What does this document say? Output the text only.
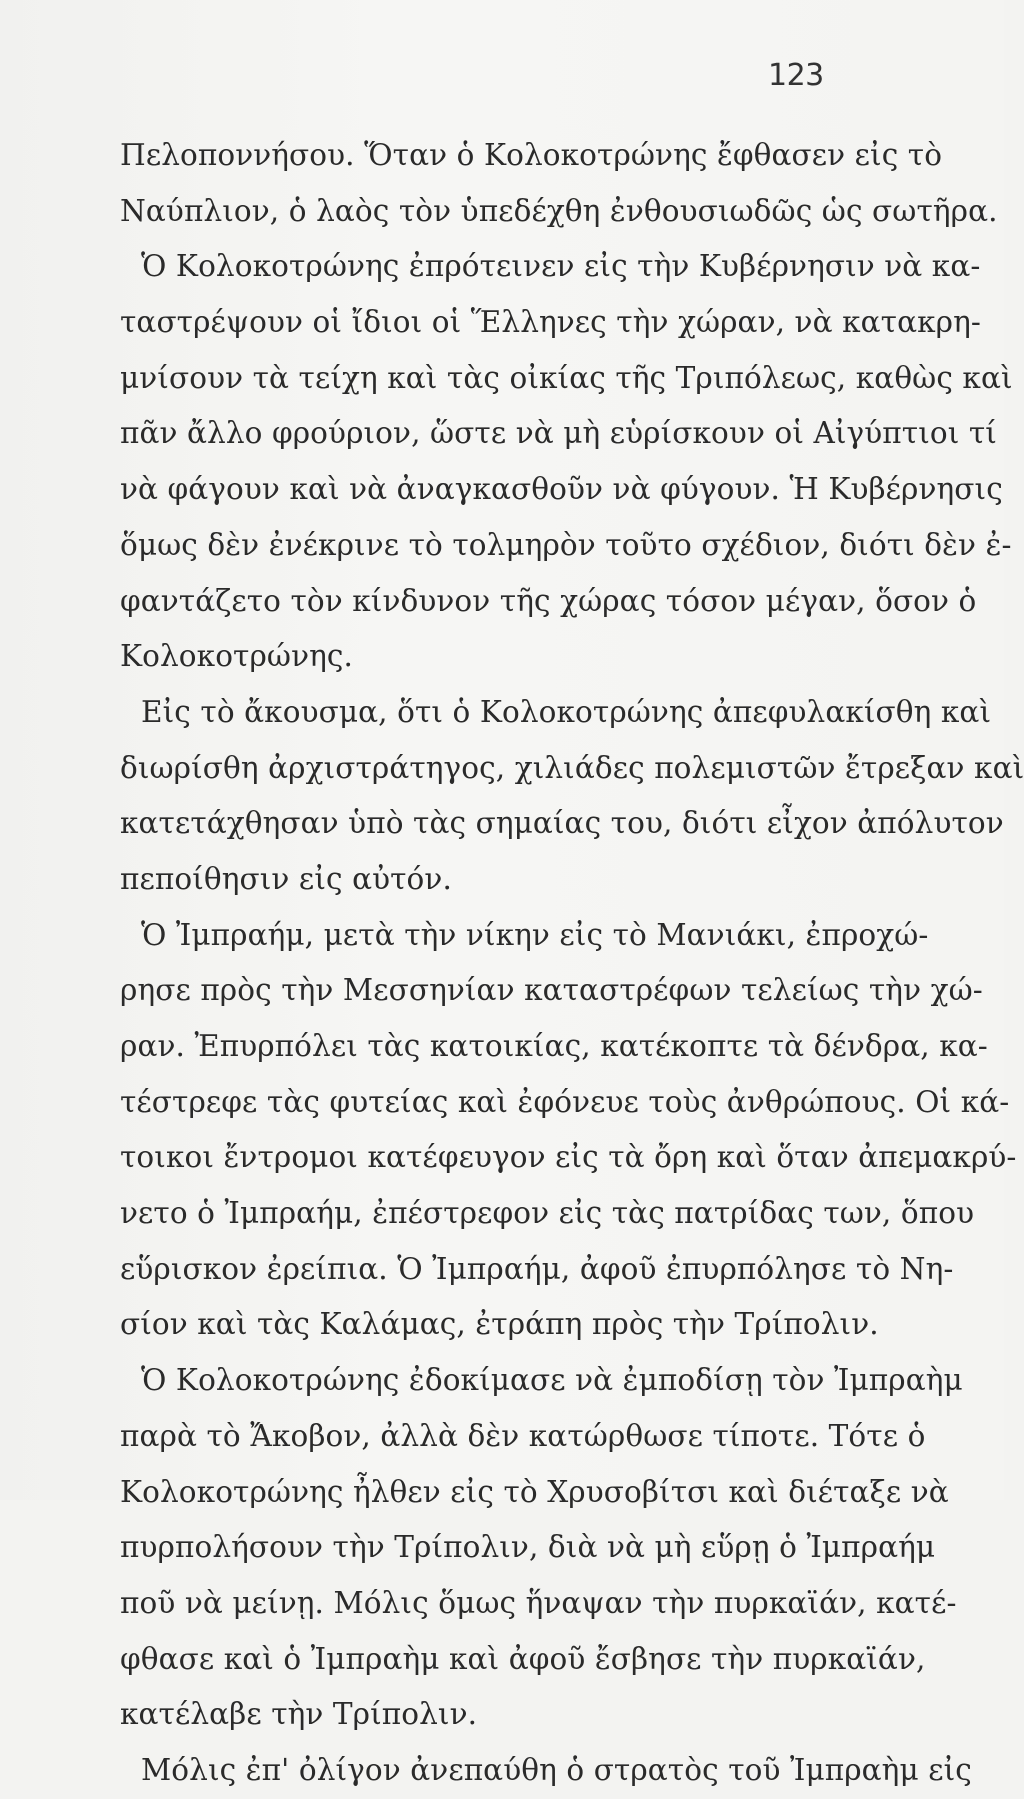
123
Πελοποννήσου. Ὅταν ὁ Κολοκοτρώνης ἔφθασεν εἰς τὸ
Ναύπλιον, ὁ λαὸς τὸν ὑπεδέχθη ἐνθουσιωδῶς ὡς σωτῆρα.
Ὁ Κολοκοτρώνης ἐπρότεινεν εἰς τὴν Κυβέρνησιν νὰ κα-
ταστρέψουν οἱ ἴδιοι οἱ Ἕλληνες τὴν χώραν, νὰ κατακρη-
μνίσουν τὰ τείχη καὶ τὰς οἰκίας τῆς Τριπόλεως, καθὼς καὶ
πᾶν ἄλλο φρούριον, ὥστε νὰ μὴ εὑρίσκουν οἱ Αἰγύπτιοι τί
νὰ φάγουν καὶ νὰ ἀναγκασθοῦν νὰ φύγουν. Ἡ Κυβέρνησις
ὅμως δὲν ἐνέκρινε τὸ τολμηρὸν τοῦτο σχέδιον, διότι δὲν ἐ-
φαντάζετο τὸν κίνδυνον τῆς χώρας τόσον μέγαν, ὅσον ὁ
Κολοκοτρώνης.
Εἰς τὸ ἄκουσμα, ὅτι ὁ Κολοκοτρώνης ἀπεφυλακίσθη καὶ
διωρίσθη ἀρχιστράτηγος, χιλιάδες πολεμιστῶν ἔτρεξαν καὶ
κατετάχθησαν ὑπὸ τὰς σημαίας του, διότι εἶχον ἀπόλυτον
πεποίθησιν εἰς αὐτόν.
Ὁ Ἰμπραήμ, μετὰ τὴν νίκην εἰς τὸ Μανιάκι, ἐπροχώ-
ρησε πρὸς τὴν Μεσσηνίαν καταστρέφων τελείως τὴν χώ-
ραν. Ἐπυρπόλει τὰς κατοικίας, κατέκοπτε τὰ δένδρα, κα-
τέστρεφε τὰς φυτείας καὶ ἐφόνευε τοὺς ἀνθρώπους. Οἱ κά-
τοικοι ἔντρομοι κατέφευγον εἰς τὰ ὄρη καὶ ὅταν ἀπεμακρύ-
νετο ὁ Ἰμπραήμ, ἐπέστρεφον εἰς τὰς πατρίδας των, ὅπου
εὕρισκον ἐρείπια. Ὁ Ἰμπραήμ, ἀφοῦ ἐπυρπόλησε τὸ Νη-
σίον καὶ τὰς Καλάμας, ἐτράπη πρὸς τὴν Τρίπολιν.
Ὁ Κολοκοτρώνης ἐδοκίμασε νὰ ἐμποδίσῃ τὸν Ἰμπραὴμ
παρὰ τὸ Ἄκοβον, ἀλλὰ δὲν κατώρθωσε τίποτε. Τότε ὁ
Κολοκοτρώνης ἦλθεν εἰς τὸ Χρυσοβίτσι καὶ διέταξε νὰ
πυρπολήσουν τὴν Τρίπολιν, διὰ νὰ μὴ εὕρῃ ὁ Ἰμπραήμ
ποῦ νὰ μείνῃ. Μόλις ὅμως ἥναψαν τὴν πυρκαϊάν, κατέ-
φθασε καὶ ὁ Ἰμπραὴμ καὶ ἀφοῦ ἔσβησε τὴν πυρκαϊάν,
κατέλαβε τὴν Τρίπολιν.
Μόλις ἐπ' ὀλίγον ἀνεπαύθη ὁ στρατὸς τοῦ Ἰμπραὴμ εἰς
